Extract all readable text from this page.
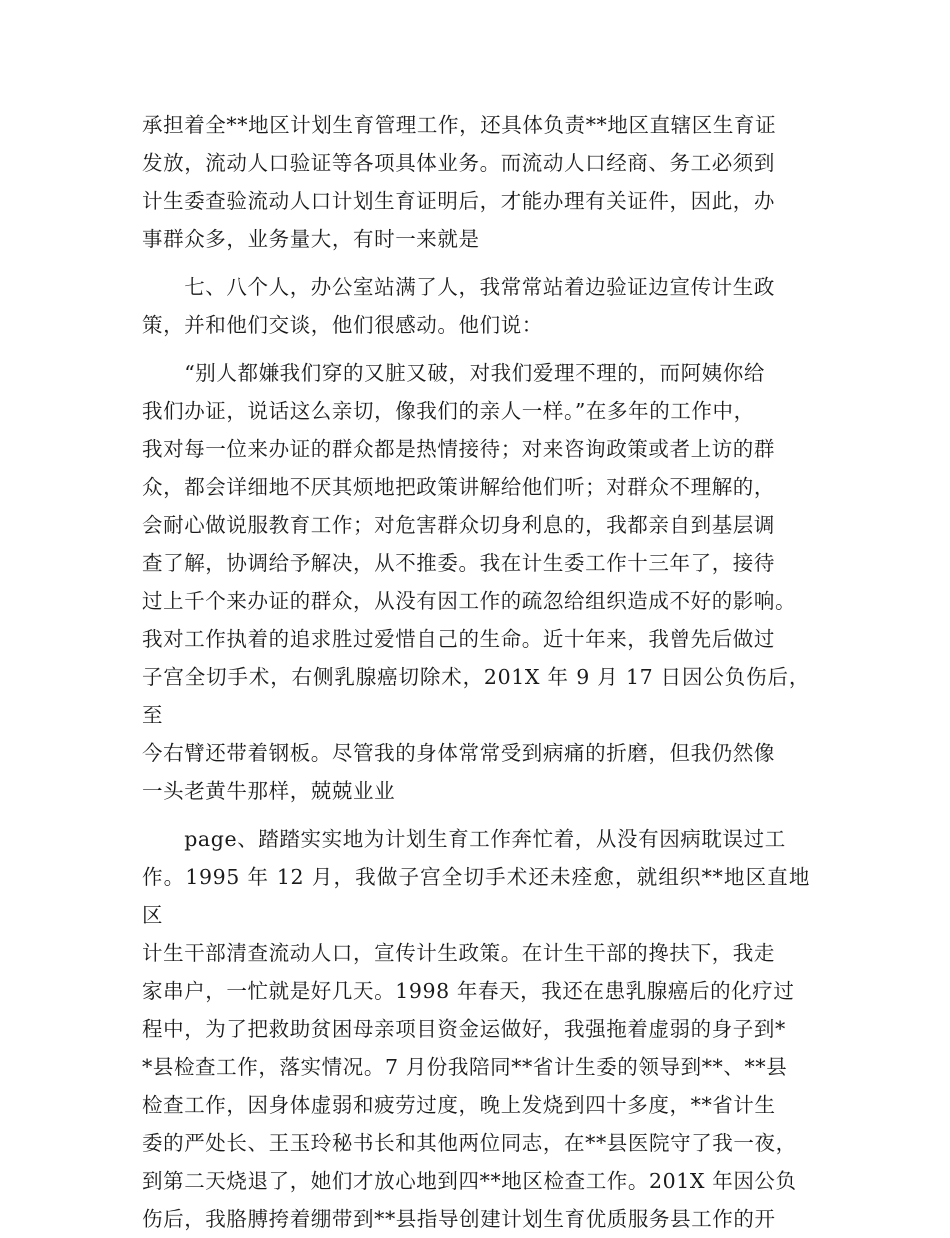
承担着全**地区计划生育管理工作，还具体负责**地区直辖区生育证
发放，流动人口验证等各项具体业务。而流动人口经商、务工必须到
计生委查验流动人口计划生育证明后，才能办理有关证件，因此，办
事群众多，业务量大，有时一来就是

　　七、八个人，办公室站满了人，我常常站着边验证边宣传计生政
策，并和他们交谈，他们很感动。他们说：

　　“别人都嫌我们穿的又脏又破，对我们爱理不理的，而阿姨你给
我们办证，说话这么亲切，像我们的亲人一样。”在多年的工作中，
我对每一位来办证的群众都是热情接待；对来咨询政策或者上访的群
众，都会详细地不厌其烦地把政策讲解给他们听；对群众不理解的，
会耐心做说服教育工作；对危害群众切身利息的，我都亲自到基层调
查了解，协调给予解决，从不推委。我在计生委工作十三年了，接待
过上千个来办证的群众，从没有因工作的疏忽给组织造成不好的影响。
我对工作执着的追求胜过爱惜自己的生命。近十年来，我曾先后做过
子宫全切手术，右侧乳腺癌切除术，201X 年 9 月 17 日因公负伤后，至
今右臂还带着钢板。尽管我的身体常常受到病痛的折磨，但我仍然像
一头老黄牛那样，兢兢业业

　　page、踏踏实实地为计划生育工作奔忙着，从没有因病耽误过工
作。1995 年 12 月，我做子宫全切手术还未痊愈，就组织**地区直地区
计生干部清查流动人口，宣传计生政策。在计生干部的搀扶下，我走
家串户，一忙就是好几天。1998 年春天，我还在患乳腺癌后的化疗过
程中，为了把救助贫困母亲项目资金运做好，我强拖着虚弱的身子到*
*县检查工作，落实情况。7 月份我陪同**省计生委的领导到**、**县
检查工作，因身体虚弱和疲劳过度，晚上发烧到四十多度，**省计生
委的严处长、王玉玲秘书长和其他两位同志，在**县医院守了我一夜，
到第二天烧退了，她们才放心地到四**地区检查工作。201X 年因公负
伤后，我胳膊挎着绷带到**县指导创建计划生育优质服务县工作的开
